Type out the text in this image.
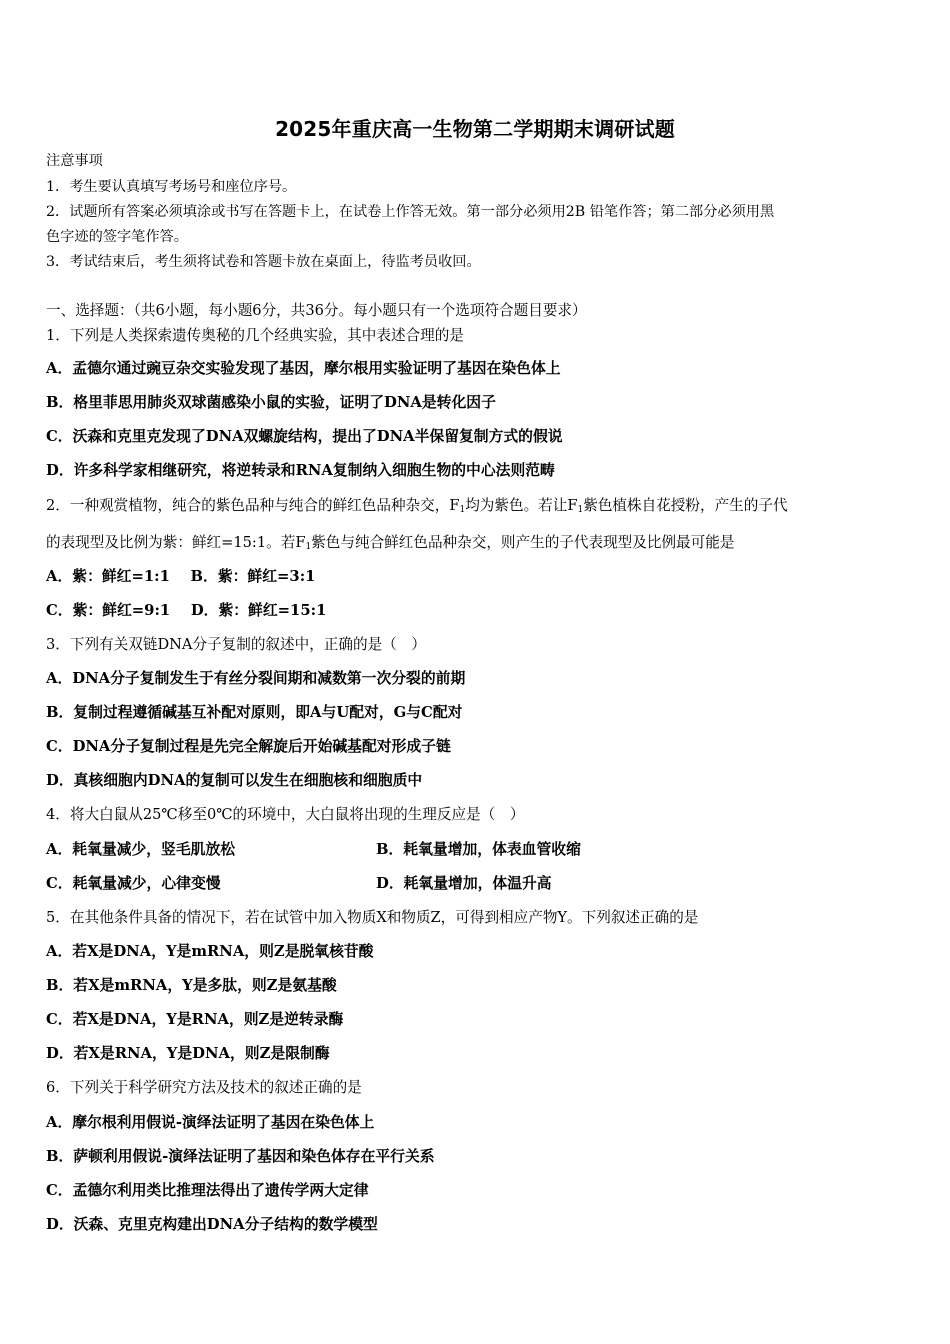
2025年重庆高一生物第二学期期末调研试题
注意事项
1．考生要认真填写考场号和座位序号。
2．试题所有答案必须填涂或书写在答题卡上，在试卷上作答无效。第一部分必须用2B 铅笔作答；第二部分必须用黑
色字迹的签字笔作答。
3．考试结束后，考生须将试卷和答题卡放在桌面上，待监考员收回。
一、选择题：（共6小题，每小题6分，共36分。每小题只有一个选项符合题目要求）
1．下列是人类探索遗传奥秘的几个经典实验，其中表述合理的是
A．孟德尔通过豌豆杂交实验发现了基因，摩尔根用实验证明了基因在染色体上
B．格里菲思用肺炎双球菌感染小鼠的实验，证明了DNA是转化因子
C．沃森和克里克发现了DNA双螺旋结构，提出了DNA半保留复制方式的假说
D．许多科学家相继研究，将逆转录和RNA复制纳入细胞生物的中心法则范畴
2．一种观赏植物，纯合的紫色品种与纯合的鲜红色品种杂交，$F_1$均为紫色。若让$F_1$紫色植株自花授粉，产生的子代
的表现型及比例为紫：鲜红=15:1。若$F_1$紫色与纯合鲜红色品种杂交，则产生的子代表现型及比例最可能是
A．紫：鲜红=1:1 B．紫：鲜红=3:1
C．紫：鲜红=9:1 D．紫：鲜红=15:1
3．下列有关双链DNA分子复制的叙述中，正确的是（　）
A．DNA分子复制发生于有丝分裂间期和减数第一次分裂的前期
B．复制过程遵循碱基互补配对原则，即A与U配对，G与C配对
C．DNA分子复制过程是先完全解旋后开始碱基配对形成子链
D．真核细胞内DNA的复制可以发生在细胞核和细胞质中
4．将大白鼠从25℃移至0℃的环境中，大白鼠将出现的生理反应是（　）
A．耗氧量减少，竖毛肌放松	B．耗氧量增加，体表血管收缩
C．耗氧量减少，心律变慢	D．耗氧量增加，体温升高
5．在其他条件具备的情况下，若在试管中加入物质X和物质Z，可得到相应产物Y。下列叙述正确的是
A．若X是DNA，Y是mRNA，则Z是脱氧核苷酸
B．若X是mRNA，Y是多肽，则Z是氨基酸
C．若X是DNA，Y是RNA，则Z是逆转录酶
D．若X是RNA，Y是DNA，则Z是限制酶
6．下列关于科学研究方法及技术的叙述正确的是
A．摩尔根利用假说-演绎法证明了基因在染色体上
B．萨顿利用假说-演绎法证明了基因和染色体存在平行关系
C．孟德尔利用类比推理法得出了遗传学两大定律
D．沃森、克里克构建出DNA分子结构的数学模型
